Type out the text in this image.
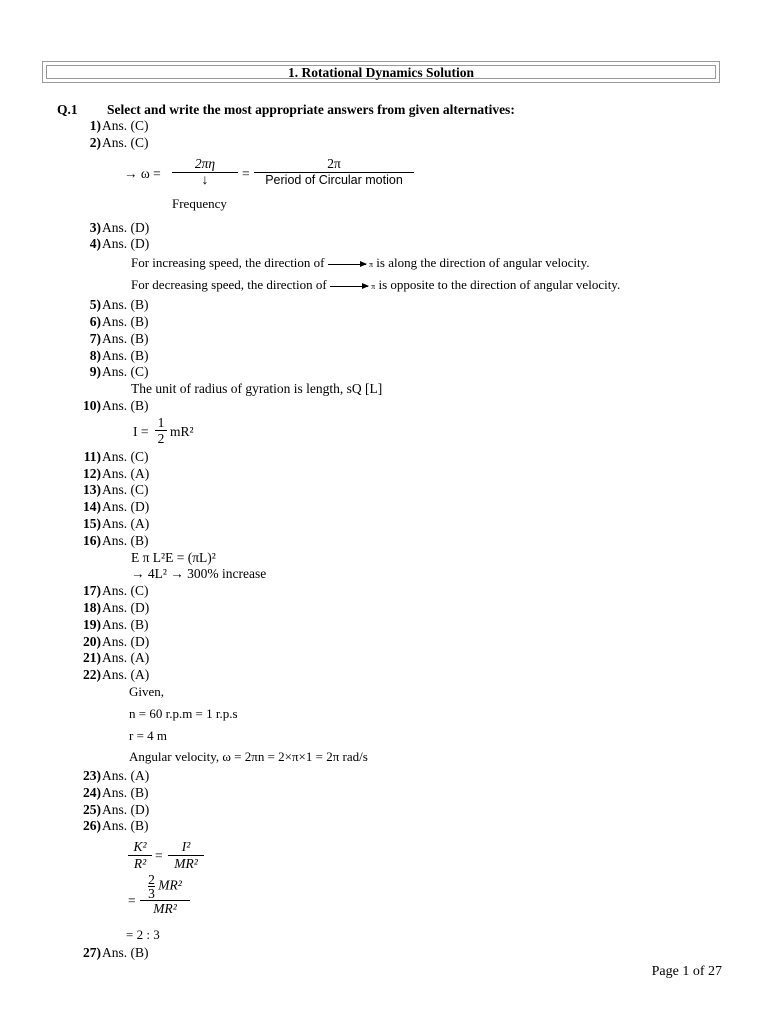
1. Rotational Dynamics Solution
Q.1 Select and write the most appropriate answers from given alternatives:
1) Ans. (C)
2) Ans. (C)
→ ω =
2πη
↓	=
2π
Period of Circular motion
Frequency
3) Ans. (D)
4) Ans. (D)
For increasing speed, the direction of	π is along the direction of angular velocity.
For decreasing speed, the direction of	π is opposite to the direction of angular velocity.
5) Ans. (B)
6) Ans. (B)
7) Ans. (B)
8) Ans. (B)
9) Ans. (C)
The unit of radius of gyration is length, sQ [L]
10) Ans. (B)
$I = \frac{1}{2} mR^2$
11) Ans. (C)
12) Ans. (A)
13) Ans. (C)
14) Ans. (D)
15) Ans. (A)
16) Ans. (B)
E π L²E = (πL)²
→ 4L² → 300% increase
17) Ans. (C)
18) Ans. (D)
19) Ans. (B)
20) Ans. (D)
21) Ans. (A)
22) Ans. (A)
Given,
n = 60 r.p.m = 1 r.p.s
r = 4 m
Angular velocity, ω = 2πn = 2×π×1 = 2π rad/s
23) Ans. (A)
24) Ans. (B)
25) Ans. (D)
26) Ans. (B)
K²
R²
=
I²
MR²
=
$\frac{2}{3} MR^2$
MR²
= 2 : 3
27) Ans. (B)
Page 1 of 27
